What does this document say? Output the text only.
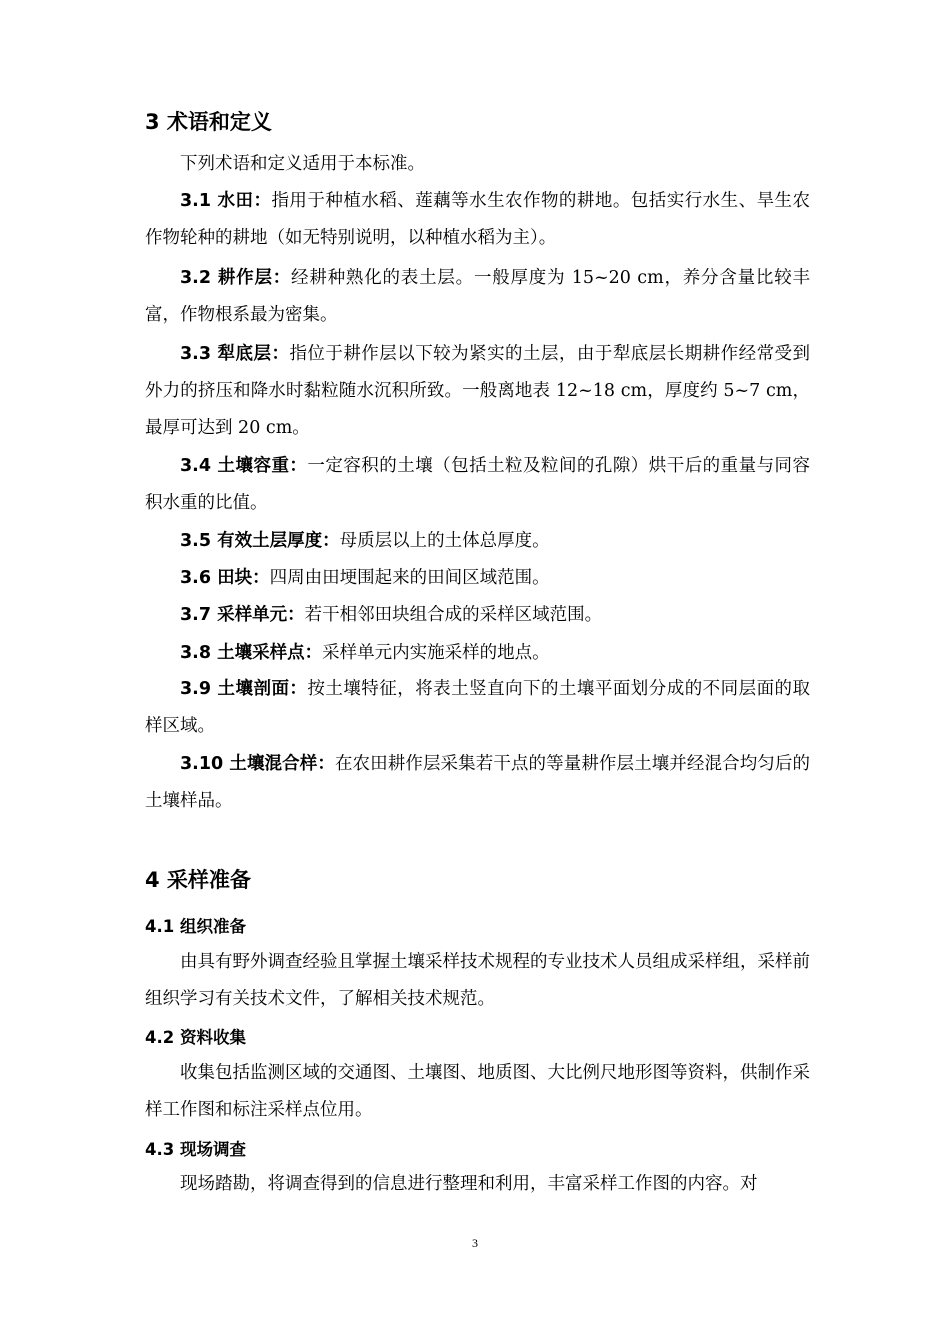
3 术语和定义

下列术语和定义适用于本标准。

3.1 水田：指用于种植水稻、莲藕等水生农作物的耕地。包括实行水生、旱生农作物轮种的耕地（如无特别说明，以种植水稻为主）。

3.2 耕作层：经耕种熟化的表土层。一般厚度为 15~20 cm，养分含量比较丰富，作物根系最为密集。

3.3 犁底层：指位于耕作层以下较为紧实的土层，由于犁底层长期耕作经常受到外力的挤压和降水时黏粒随水沉积所致。一般离地表 12~18 cm，厚度约 5~7 cm，最厚可达到 20 cm。

3.4 土壤容重：一定容积的土壤（包括土粒及粒间的孔隙）烘干后的重量与同容积水重的比值。

3.5 有效土层厚度：母质层以上的土体总厚度。

3.6 田块：四周由田埂围起来的田间区域范围。

3.7 采样单元：若干相邻田块组合成的采样区域范围。

3.8 土壤采样点：采样单元内实施采样的地点。

3.9 土壤剖面：按土壤特征，将表土竖直向下的土壤平面划分成的不同层面的取样区域。

3.10 土壤混合样：在农田耕作层采集若干点的等量耕作层土壤并经混合均匀后的土壤样品。

4 采样准备
4.1 组织准备

由具有野外调查经验且掌握土壤采样技术规程的专业技术人员组成采样组，采样前组织学习有关技术文件，了解相关技术规范。

4.2 资料收集

收集包括监测区域的交通图、土壤图、地质图、大比例尺地形图等资料，供制作采样工作图和标注采样点位用。

4.3 现场调查

现场踏勘，将调查得到的信息进行整理和利用，丰富采样工作图的内容。对

3
